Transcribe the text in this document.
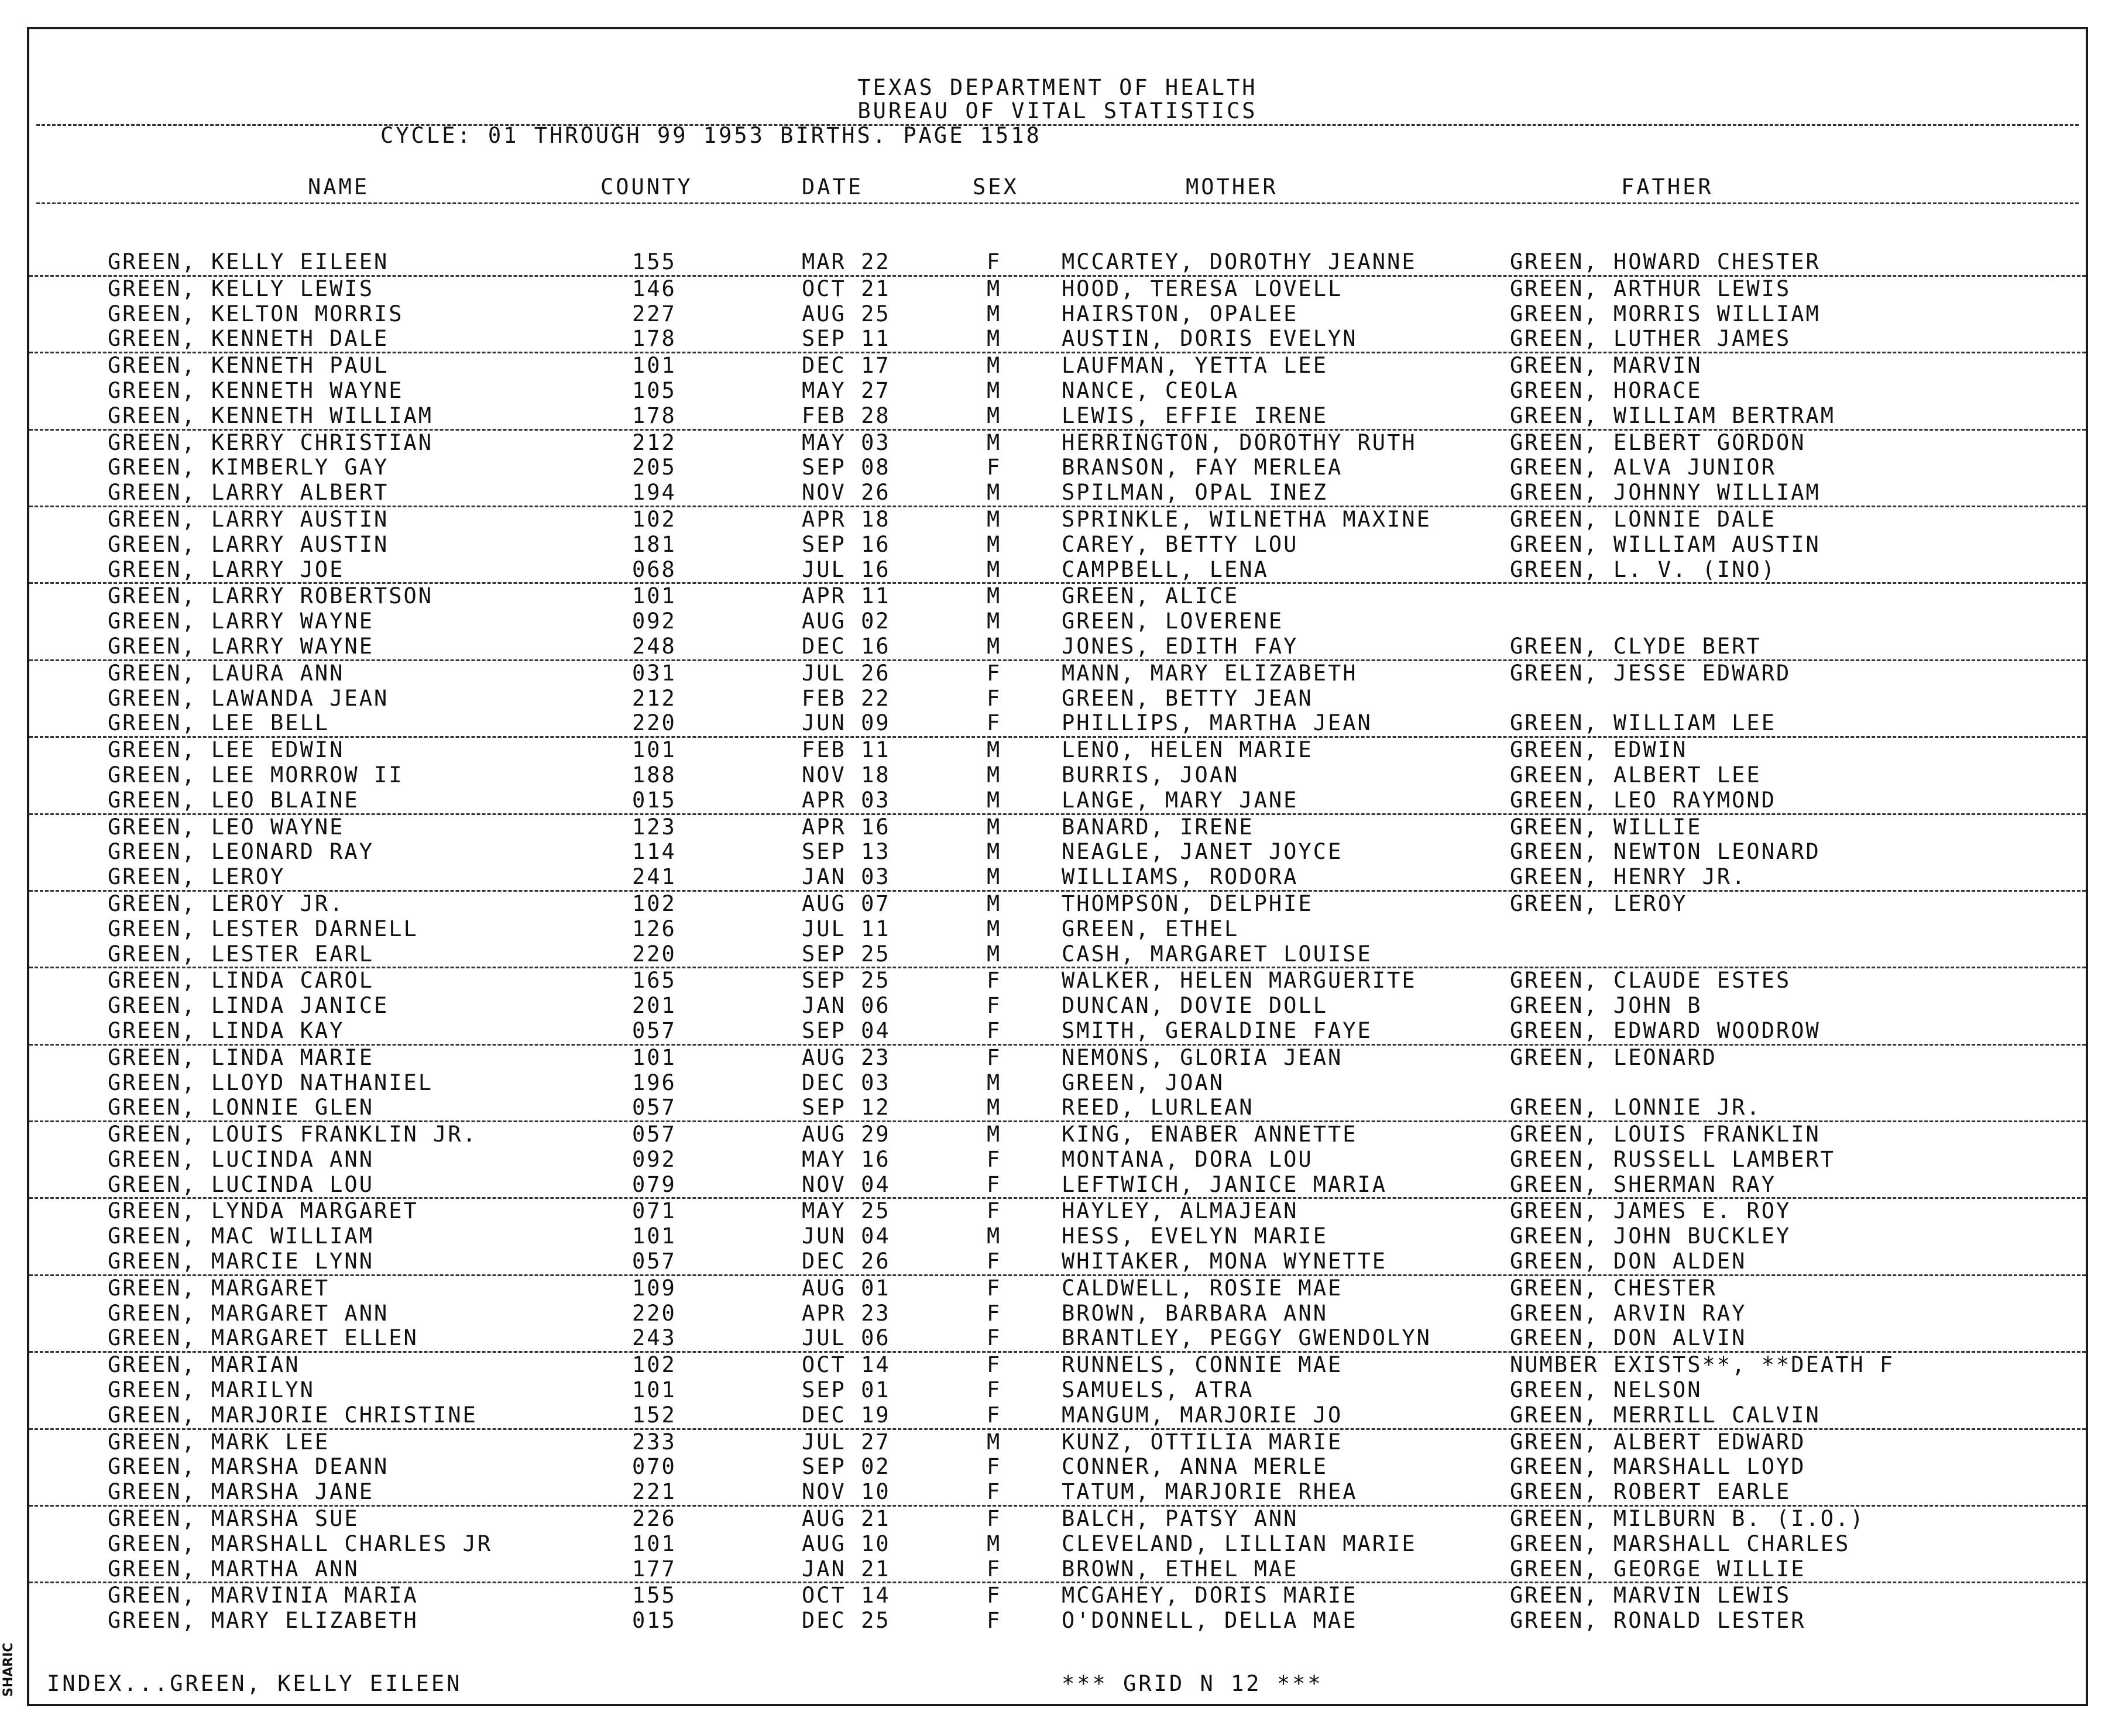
TEXAS DEPARTMENT OF HEALTH
BUREAU OF VITAL STATISTICS
CYCLE: 01 THROUGH 99 1953 BIRTHS. PAGE 1518
NAME	COUNTY	DATE	SEX	MOTHER	FATHER
GREEN, KELLY EILEEN	155	MAR 22	F	MCCARTEY, DOROTHY JEANNE	GREEN, HOWARD CHESTER
GREEN, KELLY LEWIS	146	OCT 21	M	HOOD, TERESA LOVELL	GREEN, ARTHUR LEWIS
GREEN, KELTON MORRIS	227	AUG 25	M	HAIRSTON, OPALEE	GREEN, MORRIS WILLIAM
GREEN, KENNETH DALE	178	SEP 11	M	AUSTIN, DORIS EVELYN	GREEN, LUTHER JAMES
GREEN, KENNETH PAUL	101	DEC 17	M	LAUFMAN, YETTA LEE	GREEN, MARVIN
GREEN, KENNETH WAYNE	105	MAY 27	M	NANCE, CEOLA	GREEN, HORACE
GREEN, KENNETH WILLIAM	178	FEB 28	M	LEWIS, EFFIE IRENE	GREEN, WILLIAM BERTRAM
GREEN, KERRY CHRISTIAN	212	MAY 03	M	HERRINGTON, DOROTHY RUTH	GREEN, ELBERT GORDON
GREEN, KIMBERLY GAY	205	SEP 08	F	BRANSON, FAY MERLEA	GREEN, ALVA JUNIOR
GREEN, LARRY ALBERT	194	NOV 26	M	SPILMAN, OPAL INEZ	GREEN, JOHNNY WILLIAM
GREEN, LARRY AUSTIN	102	APR 18	M	SPRINKLE, WILNETHA MAXINE	GREEN, LONNIE DALE
GREEN, LARRY AUSTIN	181	SEP 16	M	CAREY, BETTY LOU	GREEN, WILLIAM AUSTIN
GREEN, LARRY JOE	068	JUL 16	M	CAMPBELL, LENA	GREEN, L. V. (INO)
GREEN, LARRY ROBERTSON	101	APR 11	M	GREEN, ALICE
GREEN, LARRY WAYNE	092	AUG 02	M	GREEN, LOVERENE
GREEN, LARRY WAYNE	248	DEC 16	M	JONES, EDITH FAY	GREEN, CLYDE BERT
GREEN, LAURA ANN	031	JUL 26	F	MANN, MARY ELIZABETH	GREEN, JESSE EDWARD
GREEN, LAWANDA JEAN	212	FEB 22	F	GREEN, BETTY JEAN
GREEN, LEE BELL	220	JUN 09	F	PHILLIPS, MARTHA JEAN	GREEN, WILLIAM LEE
GREEN, LEE EDWIN	101	FEB 11	M	LENO, HELEN MARIE	GREEN, EDWIN
GREEN, LEE MORROW II	188	NOV 18	M	BURRIS, JOAN	GREEN, ALBERT LEE
GREEN, LEO BLAINE	015	APR 03	M	LANGE, MARY JANE	GREEN, LEO RAYMOND
GREEN, LEO WAYNE	123	APR 16	M	BANARD, IRENE	GREEN, WILLIE
GREEN, LEONARD RAY	114	SEP 13	M	NEAGLE, JANET JOYCE	GREEN, NEWTON LEONARD
GREEN, LEROY	241	JAN 03	M	WILLIAMS, RODORA	GREEN, HENRY JR.
GREEN, LEROY JR.	102	AUG 07	M	THOMPSON, DELPHIE	GREEN, LEROY
GREEN, LESTER DARNELL	126	JUL 11	M	GREEN, ETHEL
GREEN, LESTER EARL	220	SEP 25	M	CASH, MARGARET LOUISE
GREEN, LINDA CAROL	165	SEP 25	F	WALKER, HELEN MARGUERITE	GREEN, CLAUDE ESTES
GREEN, LINDA JANICE	201	JAN 06	F	DUNCAN, DOVIE DOLL	GREEN, JOHN B
GREEN, LINDA KAY	057	SEP 04	F	SMITH, GERALDINE FAYE	GREEN, EDWARD WOODROW
GREEN, LINDA MARIE	101	AUG 23	F	NEMONS, GLORIA JEAN	GREEN, LEONARD
GREEN, LLOYD NATHANIEL	196	DEC 03	M	GREEN, JOAN
GREEN, LONNIE GLEN	057	SEP 12	M	REED, LURLEAN	GREEN, LONNIE JR.
GREEN, LOUIS FRANKLIN JR.	057	AUG 29	M	KING, ENABER ANNETTE	GREEN, LOUIS FRANKLIN
GREEN, LUCINDA ANN	092	MAY 16	F	MONTANA, DORA LOU	GREEN, RUSSELL LAMBERT
GREEN, LUCINDA LOU	079	NOV 04	F	LEFTWICH, JANICE MARIA	GREEN, SHERMAN RAY
GREEN, LYNDA MARGARET	071	MAY 25	F	HAYLEY, ALMAJEAN	GREEN, JAMES E. ROY
GREEN, MAC WILLIAM	101	JUN 04	M	HESS, EVELYN MARIE	GREEN, JOHN BUCKLEY
GREEN, MARCIE LYNN	057	DEC 26	F	WHITAKER, MONA WYNETTE	GREEN, DON ALDEN
GREEN, MARGARET	109	AUG 01	F	CALDWELL, ROSIE MAE	GREEN, CHESTER
GREEN, MARGARET ANN	220	APR 23	F	BROWN, BARBARA ANN	GREEN, ARVIN RAY
GREEN, MARGARET ELLEN	243	JUL 06	F	BRANTLEY, PEGGY GWENDOLYN	GREEN, DON ALVIN
GREEN, MARIAN	102	OCT 14	F	RUNNELS, CONNIE MAE	NUMBER EXISTS**, **DEATH F
GREEN, MARILYN	101	SEP 01	F	SAMUELS, ATRA	GREEN, NELSON
GREEN, MARJORIE CHRISTINE	152	DEC 19	F	MANGUM, MARJORIE JO	GREEN, MERRILL CALVIN
GREEN, MARK LEE	233	JUL 27	M	KUNZ, OTTILIA MARIE	GREEN, ALBERT EDWARD
GREEN, MARSHA DEANN	070	SEP 02	F	CONNER, ANNA MERLE	GREEN, MARSHALL LOYD
GREEN, MARSHA JANE	221	NOV 10	F	TATUM, MARJORIE RHEA	GREEN, ROBERT EARLE
GREEN, MARSHA SUE	226	AUG 21	F	BALCH, PATSY ANN	GREEN, MILBURN B. (I.O.)
GREEN, MARSHALL CHARLES JR	101	AUG 10	M	CLEVELAND, LILLIAN MARIE	GREEN, MARSHALL CHARLES
GREEN, MARTHA ANN	177	JAN 21	F	BROWN, ETHEL MAE	GREEN, GEORGE WILLIE
GREEN, MARVINIA MARIA	155	OCT 14	F	MCGAHEY, DORIS MARIE	GREEN, MARVIN LEWIS
GREEN, MARY ELIZABETH	015	DEC 25	F	O'DONNELL, DELLA MAE	GREEN, RONALD LESTER
INDEX...GREEN, KELLY EILEEN	*** GRID N 12 ***
SHARIC
